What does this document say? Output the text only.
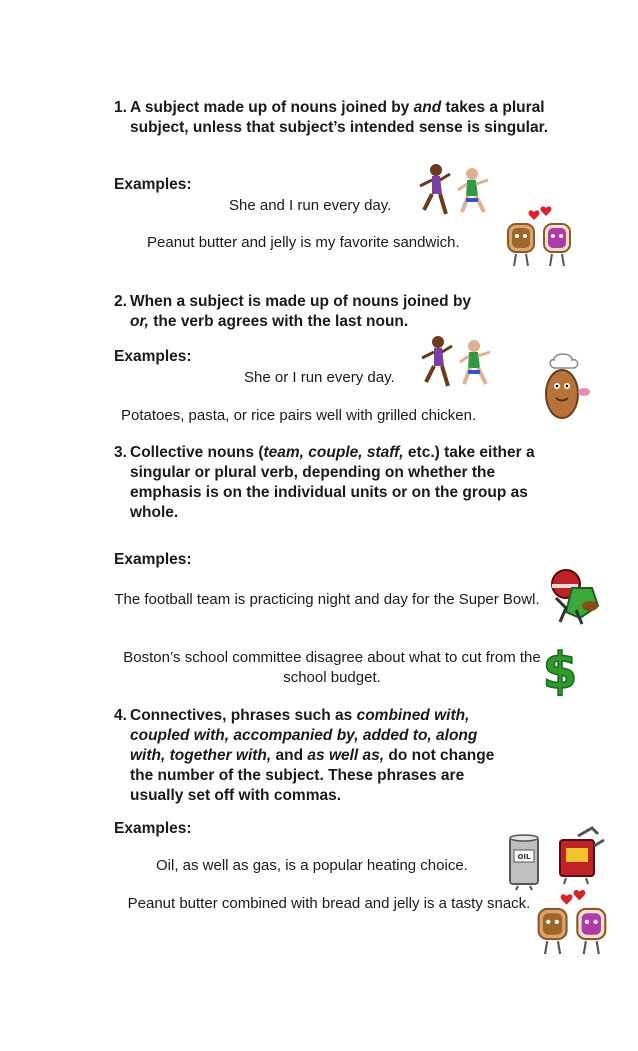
1. A subject made up of nouns joined by and takes a plural subject, unless that subject’s intended sense is singular.
Examples:
She and I run every day.
Peanut butter and jelly is my favorite sandwich.
2. When a subject is made up of nouns joined by or, the verb agrees with the last noun.
Examples:
She or I run every day.
Potatoes, pasta, or rice pairs well with grilled chicken.
3. Collective nouns (team, couple, staff, etc.) take either a singular or plural verb, depending on whether the emphasis is on the individual units or on the group as whole.
Examples:
The football team is practicing night and day for the Super Bowl.
Boston’s school committee disagree about what to cut from the school budget.	$
4. Connectives, phrases such as combined with, coupled with, accompanied by, added to, along with, together with, and as well as, do not change the number of the subject. These phrases are usually set off with commas.
Examples:
Oil, as well as gas, is a popular heating choice.
Peanut butter combined with bread and jelly is a tasty snack.
OIL
